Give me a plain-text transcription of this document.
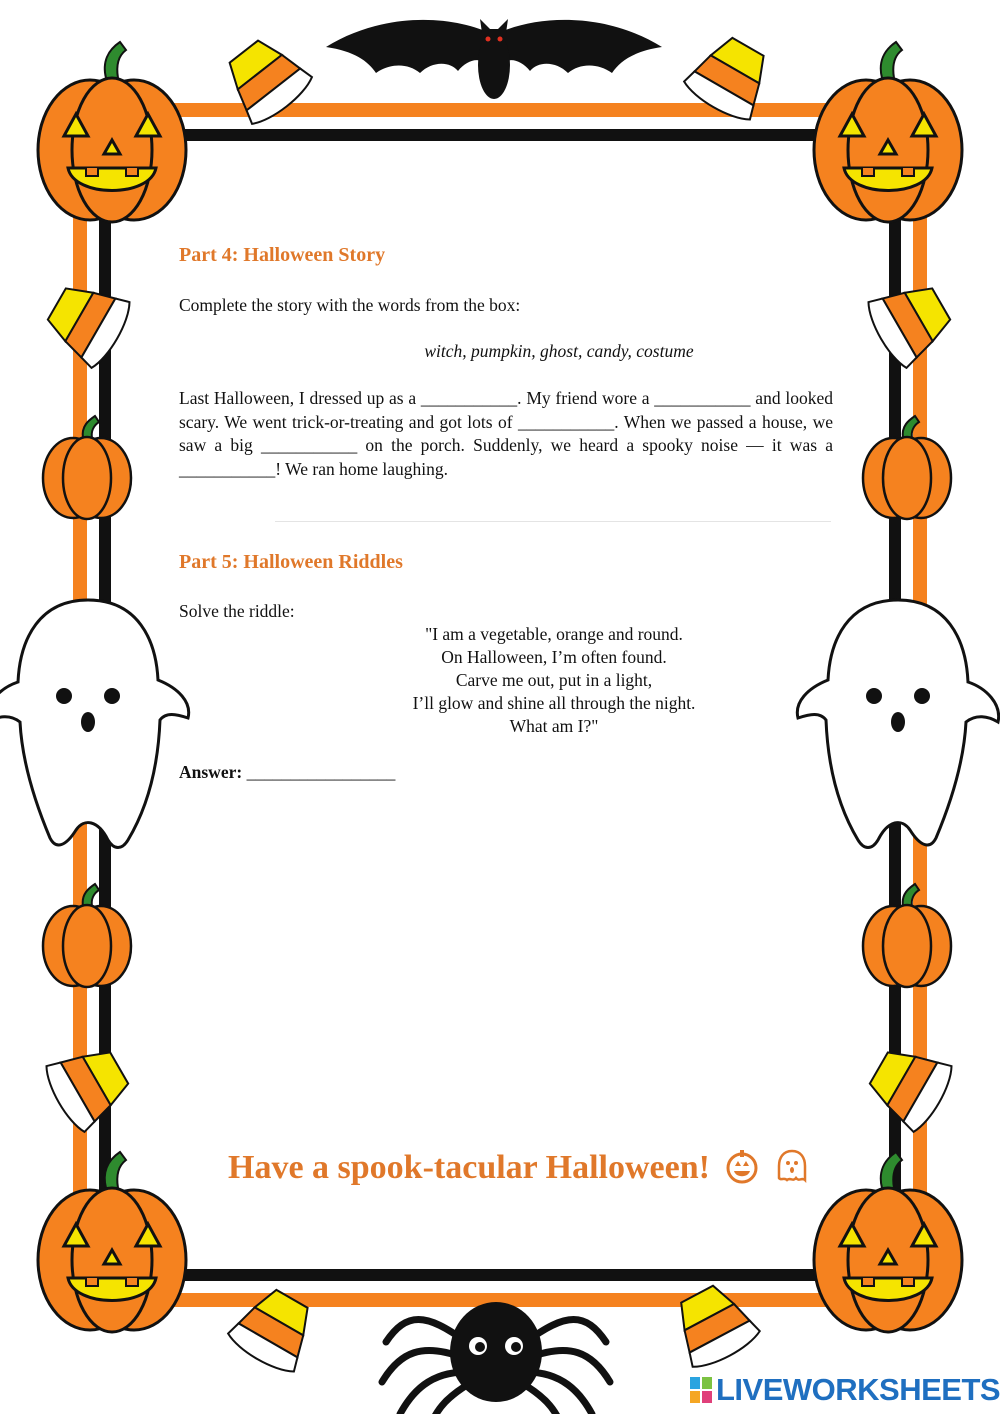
Part 4: Halloween Story
Complete the story with the words from the box:
witch, pumpkin, ghost, candy, costume
Last Halloween, I dressed up as a ___________. My friend wore a ___________ and looked scary. We went trick-or-treating and got lots of ___________. When we passed a house, we saw a big ___________ on the porch. Suddenly, we heard a spooky noise — it was a ___________! We ran home laughing.
Part 5: Halloween Riddles
Solve the riddle:
"I am a vegetable, orange and round.
On Halloween, I’m often found.
Carve me out, put in a light,
I’ll glow and shine all through the night.
What am I?"
Answer: _________________
Have a spook-tacular Halloween!
LIVEWORKSHEETS
